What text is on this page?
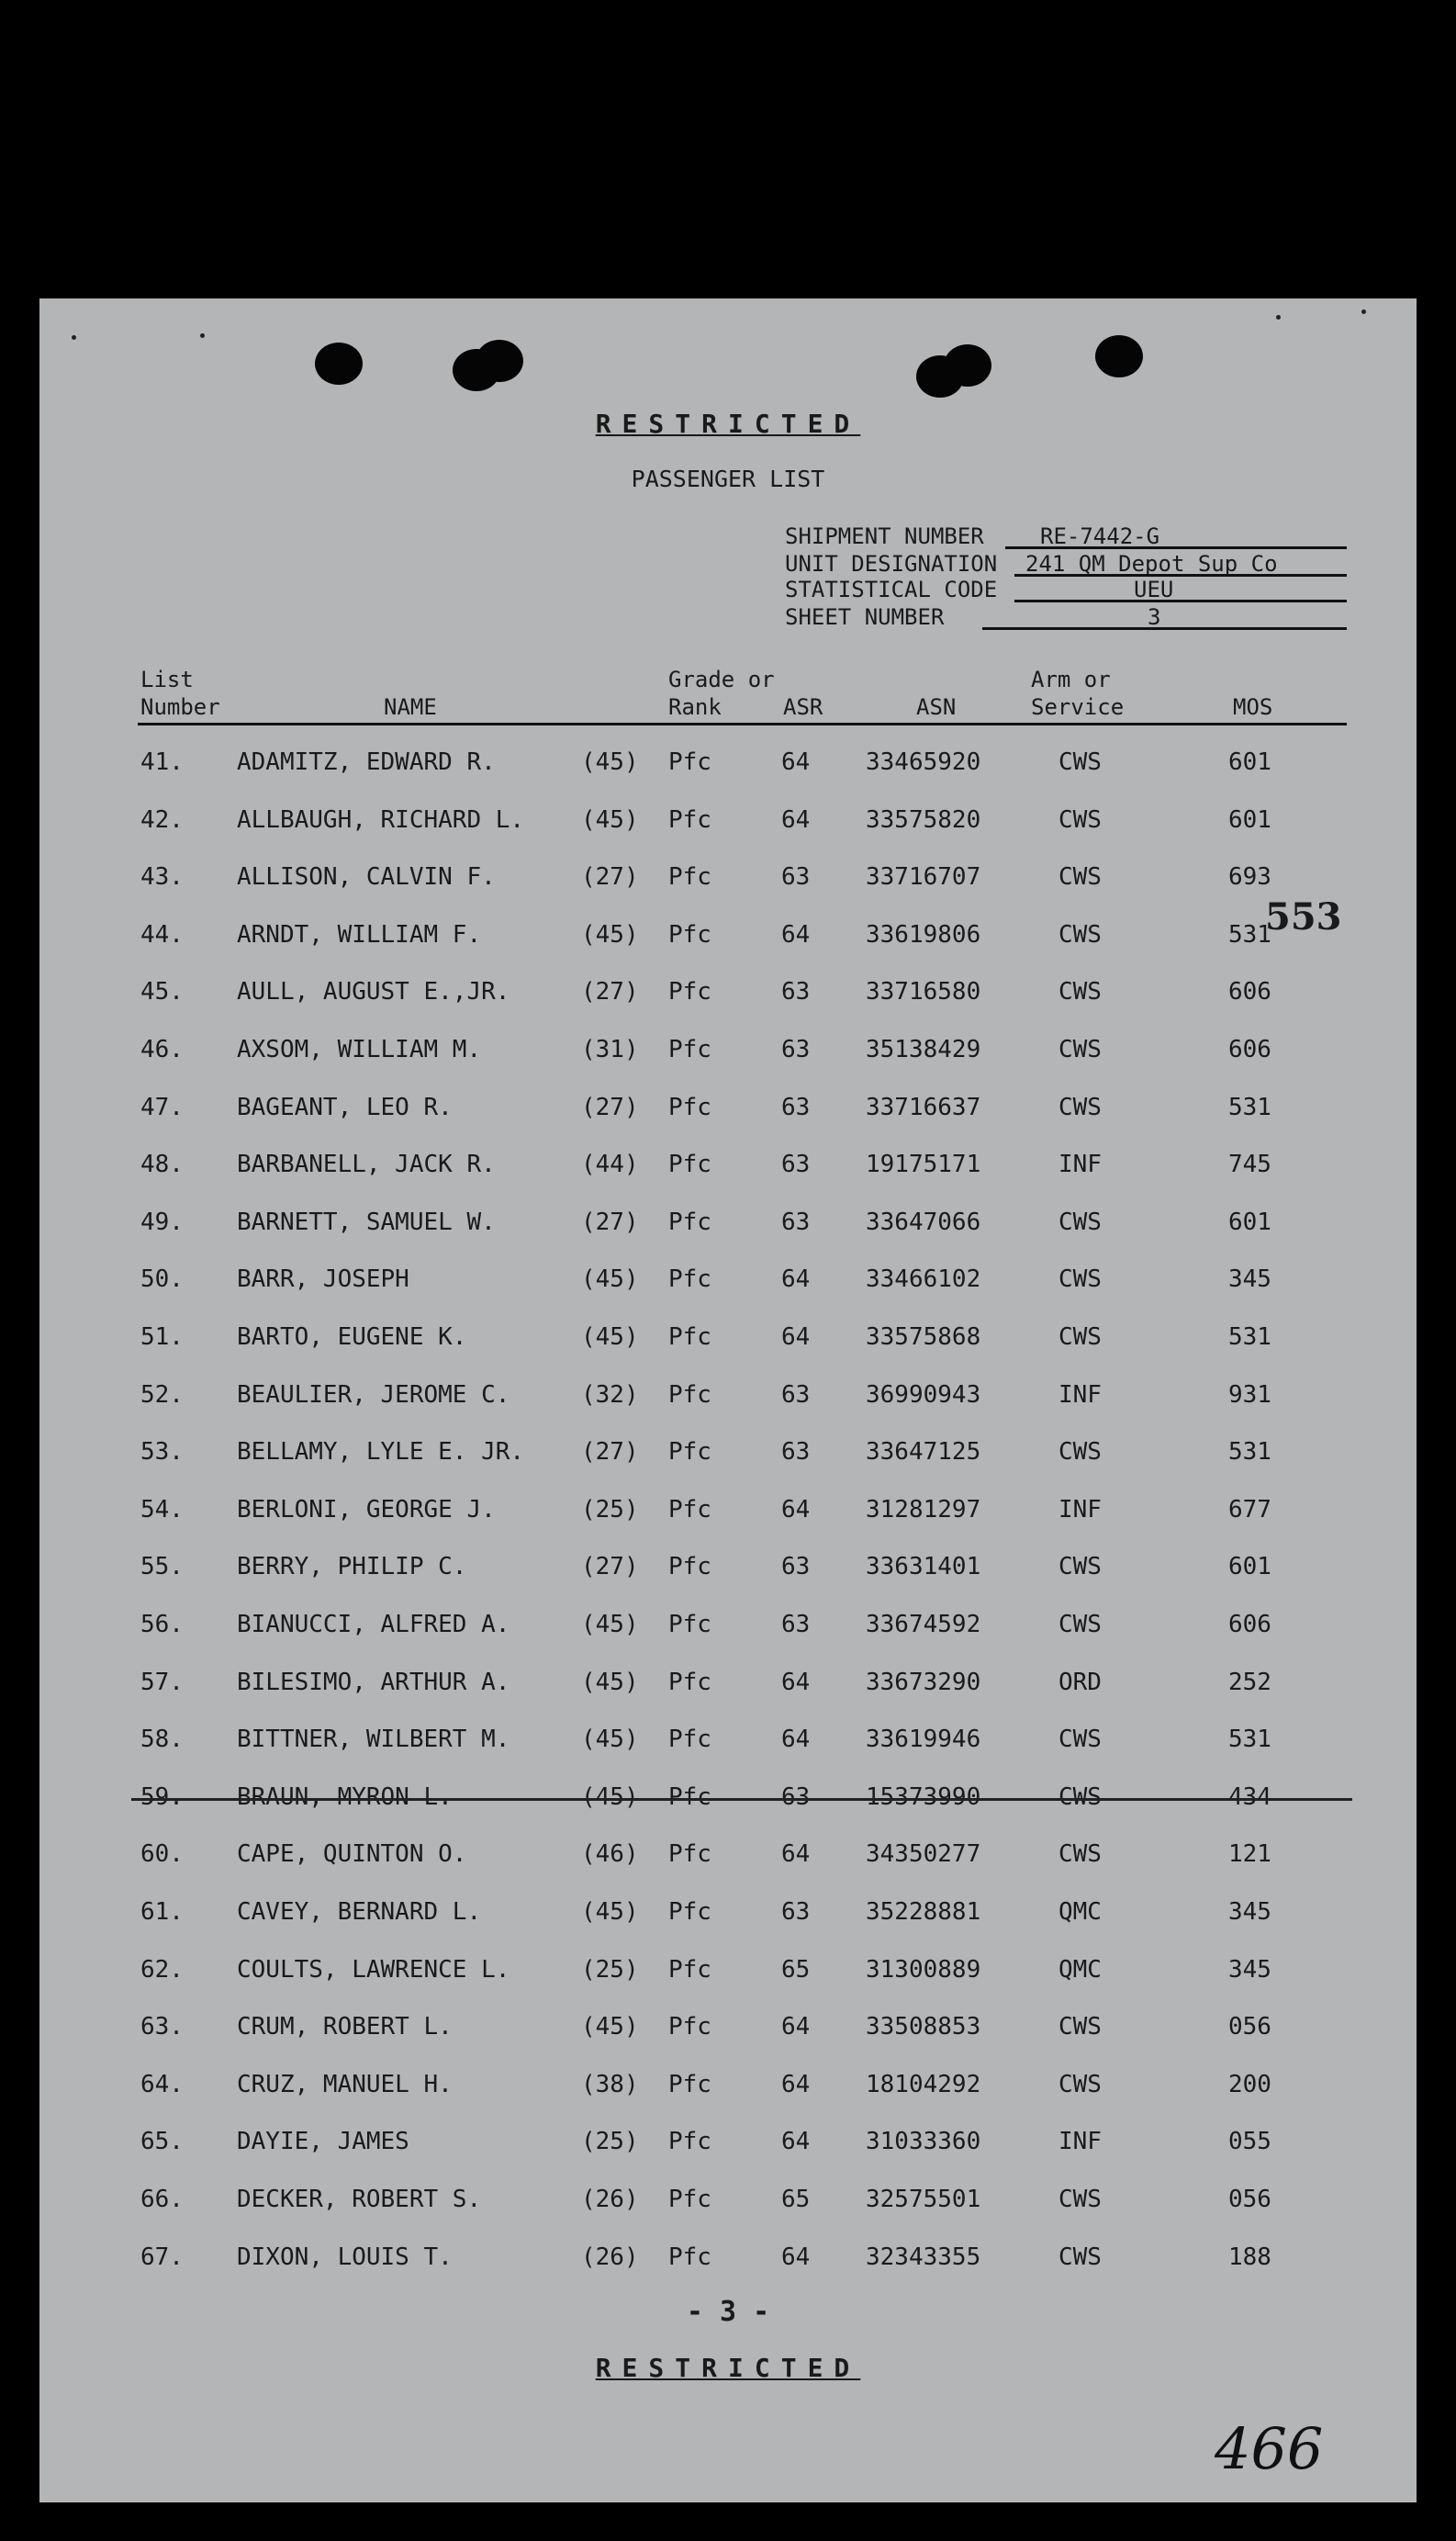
RESTRICTED
PASSENGER LIST
SHIPMENT NUMBER	RE-7442-G
UNIT DESIGNATION 241 QM Depot Sup Co
STATISTICAL CODE	UEU
SHEET NUMBER	3
List
Number	NAME
Grade or
Rank	ASR	ASN
Arm or
Service	MOS
41. ADAMITZ, EDWARD R.	(45) Pfc	64 33465920	CWS	601
42. ALLBAUGH, RICHARD L. (45) Pfc	64 33575820	CWS	601
43. ALLISON, CALVIN F.	(27) Pfc	63 33716707	CWS	693
44. ARNDT, WILLIAM F.	(45) Pfc	64 33619806	CWS	531
45. AULL, AUGUST E.,JR.	(27) Pfc	63 33716580	CWS	606
46. AXSOM, WILLIAM M.	(31) Pfc	63 35138429	CWS	606
47. BAGEANT, LEO R.	(27) Pfc	63 33716637	CWS	531
48. BARBANELL, JACK R.	(44) Pfc	63 19175171	INF	745
49. BARNETT, SAMUEL W.	(27) Pfc	63 33647066	CWS	601
50. BARR, JOSEPH	(45) Pfc	64 33466102	CWS	345
51. BARTO, EUGENE K.	(45) Pfc	64 33575868	CWS	531
52. BEAULIER, JEROME C.	(32) Pfc	63 36990943	INF	931
53. BELLAMY, LYLE E. JR. (27) Pfc	63 33647125	CWS	531
54. BERLONI, GEORGE J.	(25) Pfc	64 31281297	INF	677
55. BERRY, PHILIP C.	(27) Pfc	63 33631401	CWS	601
56. BIANUCCI, ALFRED A.	(45) Pfc	63 33674592	CWS	606
57. BILESIMO, ARTHUR A.	(45) Pfc	64 33673290	ORD	252
58. BITTNER, WILBERT M.	(45) Pfc	64 33619946	CWS	531
59. BRAUN, MYRON L.	(45) Pfc	63 15373990	CWS	434
60. CAPE, QUINTON O.	(46) Pfc	64 34350277	CWS	121
61. CAVEY, BERNARD L.	(45) Pfc	63 35228881	QMC	345
62. COULTS, LAWRENCE L.	(25) Pfc	65 31300889	QMC	345
63. CRUM, ROBERT L.	(45) Pfc	64 33508853	CWS	056
64. CRUZ, MANUEL H.	(38) Pfc	64 18104292	CWS	200
65. DAYIE, JAMES	(25) Pfc	64 31033360	INF	055
66. DECKER, ROBERT S.	(26) Pfc	65 32575501	CWS	056
67. DIXON, LOUIS T.	(26) Pfc	64 32343355	CWS	188
553
- 3 -
RESTRICTED
466
